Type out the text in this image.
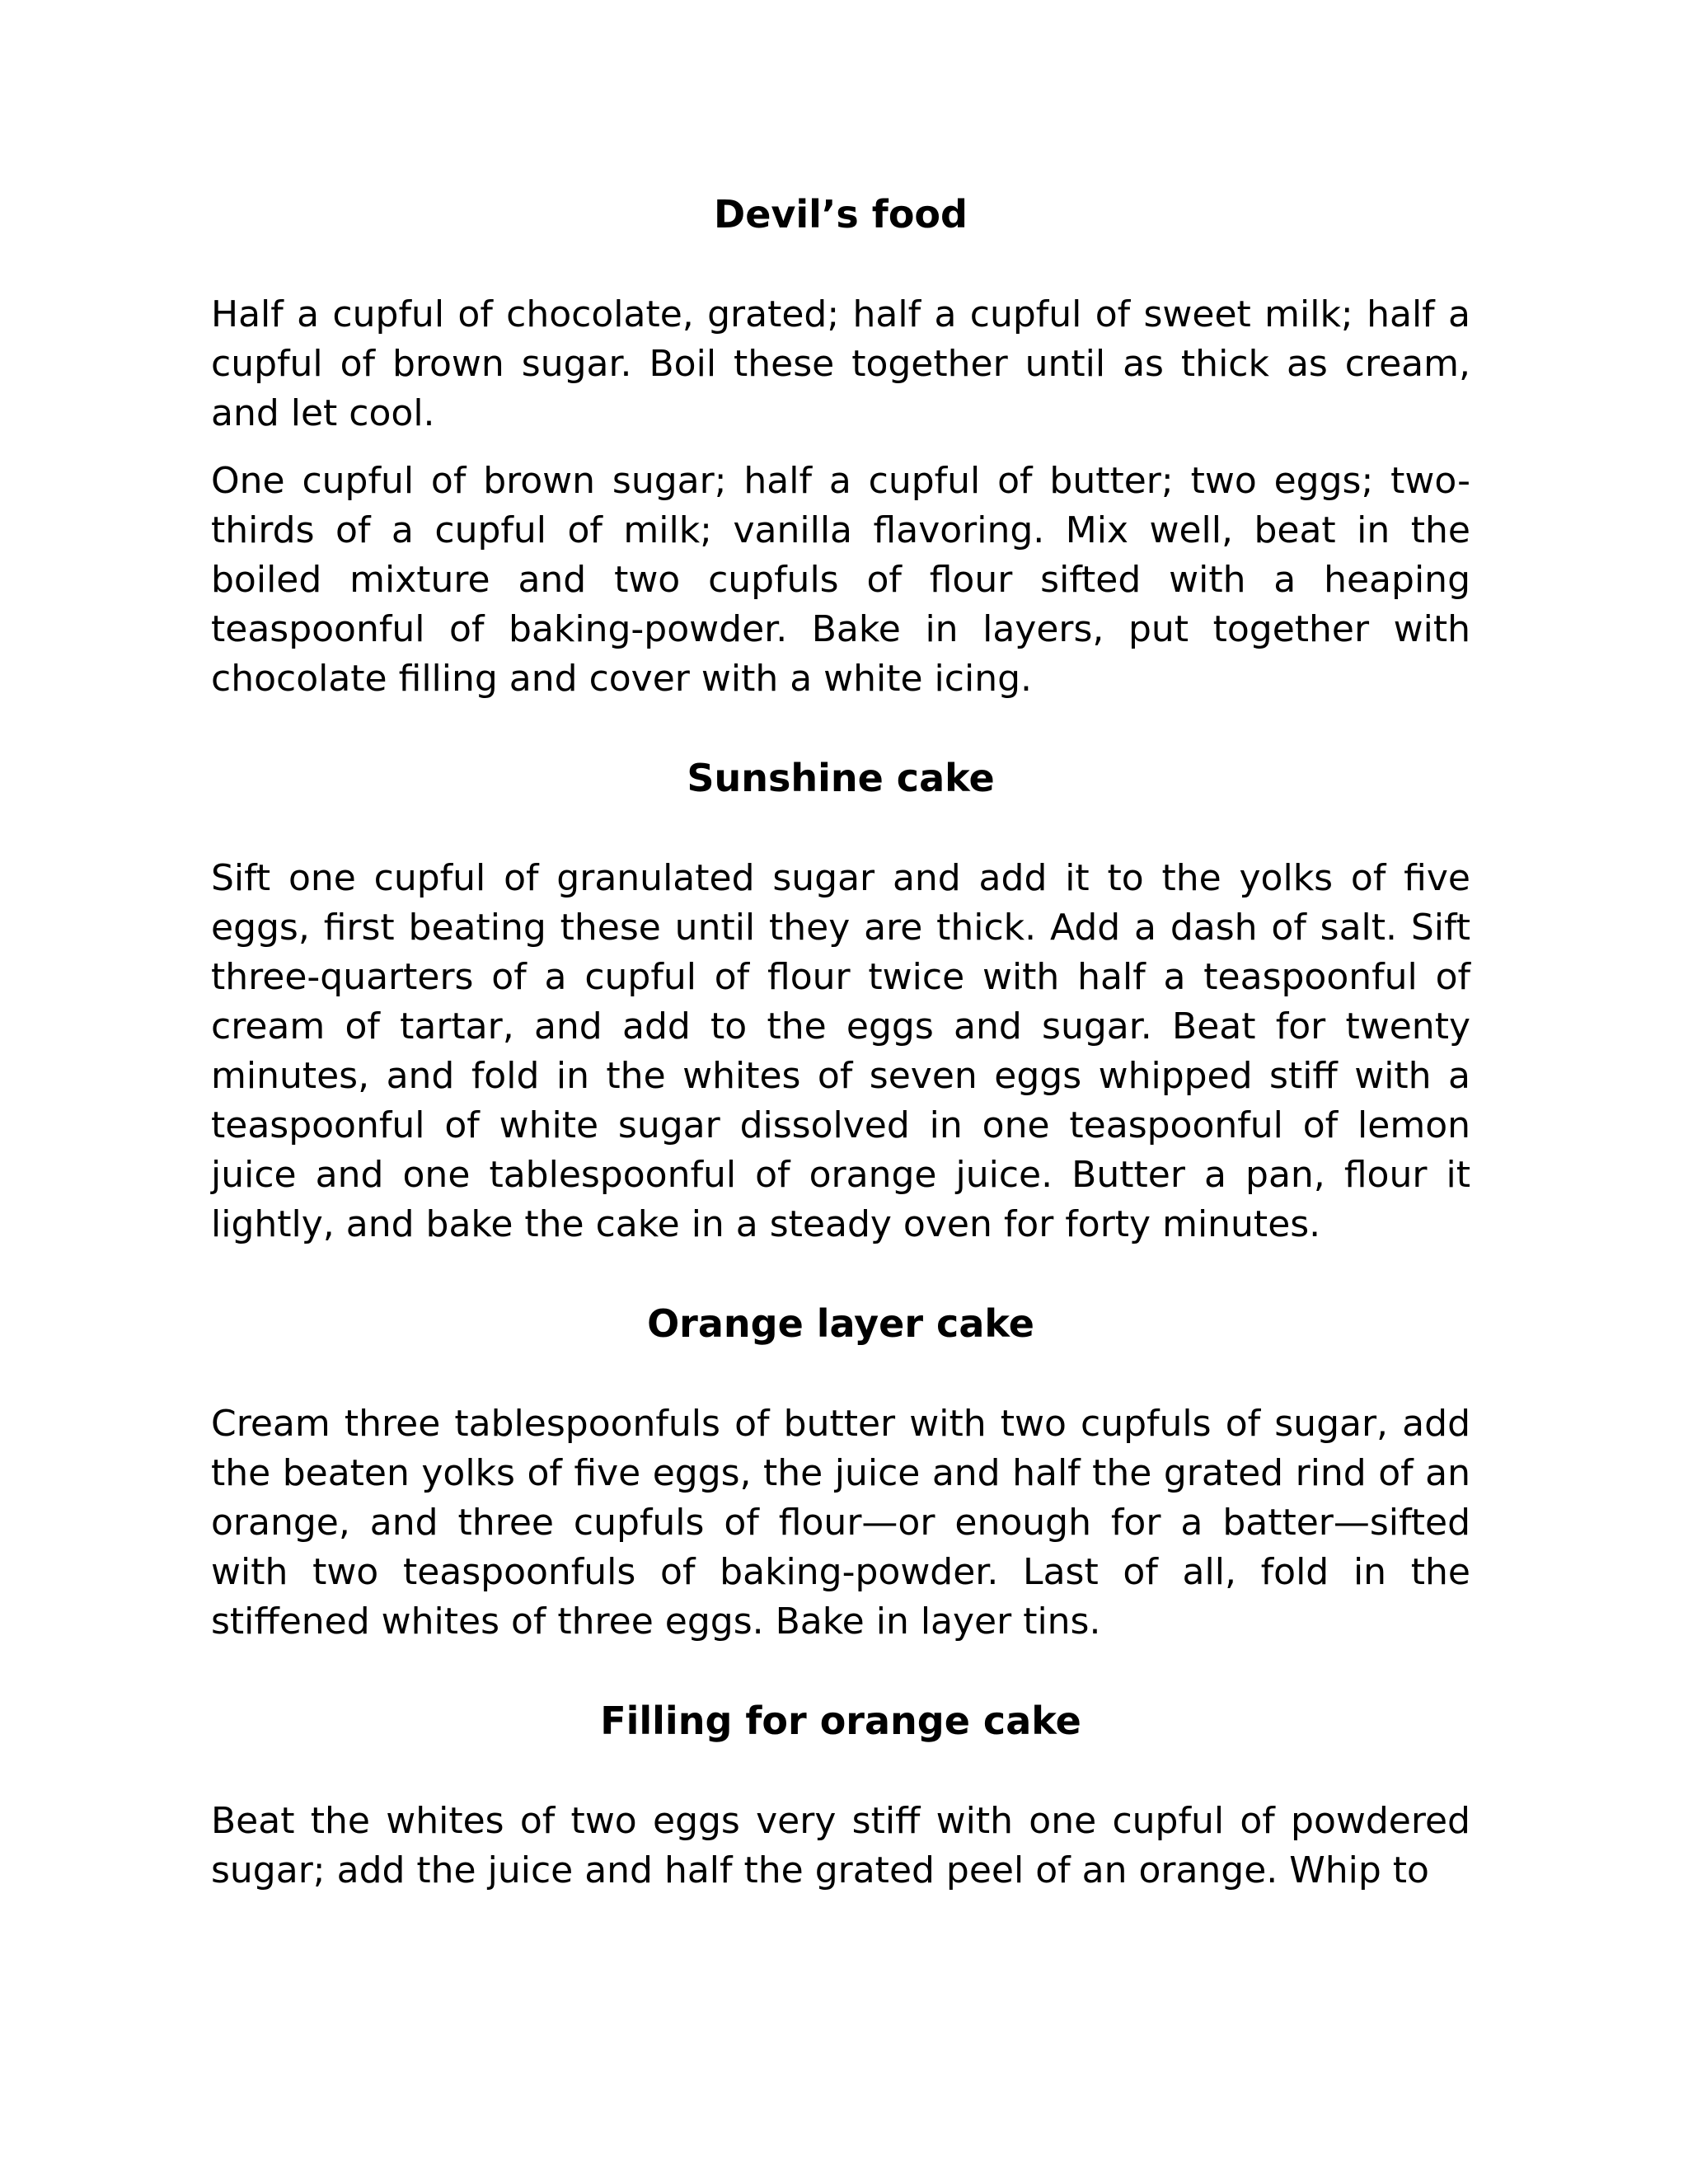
Devil’s food

Half a cupful of chocolate, grated; half a cupful of sweet milk; half a cupful of brown sugar. Boil these together until as thick as cream, and let cool.

One cupful of brown sugar; half a cupful of butter; two eggs; two-thirds of a cupful of milk; vanilla flavoring. Mix well, beat in the boiled mixture and two cupfuls of flour sifted with a heaping teaspoonful of baking-powder. Bake in layers, put together with chocolate filling and cover with a white icing.

Sunshine cake

Sift one cupful of granulated sugar and add it to the yolks of five eggs, first beating these until they are thick. Add a dash of salt. Sift three-quarters of a cupful of flour twice with half a teaspoonful of cream of tartar, and add to the eggs and sugar. Beat for twenty minutes, and fold in the whites of seven eggs whipped stiff with a teaspoonful of white sugar dissolved in one teaspoonful of lemon juice and one tablespoonful of orange juice. Butter a pan, flour it lightly, and bake the cake in a steady oven for forty minutes.

Orange layer cake

Cream three tablespoonfuls of butter with two cupfuls of sugar, add the beaten yolks of five eggs, the juice and half the grated rind of an orange, and three cupfuls of flour—or enough for a batter—sifted with two teaspoonfuls of baking-powder. Last of all, fold in the stiffened whites of three eggs. Bake in layer tins.

Filling for orange cake

Beat the whites of two eggs very stiff with one cupful of powdered sugar; add the juice and half the grated peel of an orange. Whip to
